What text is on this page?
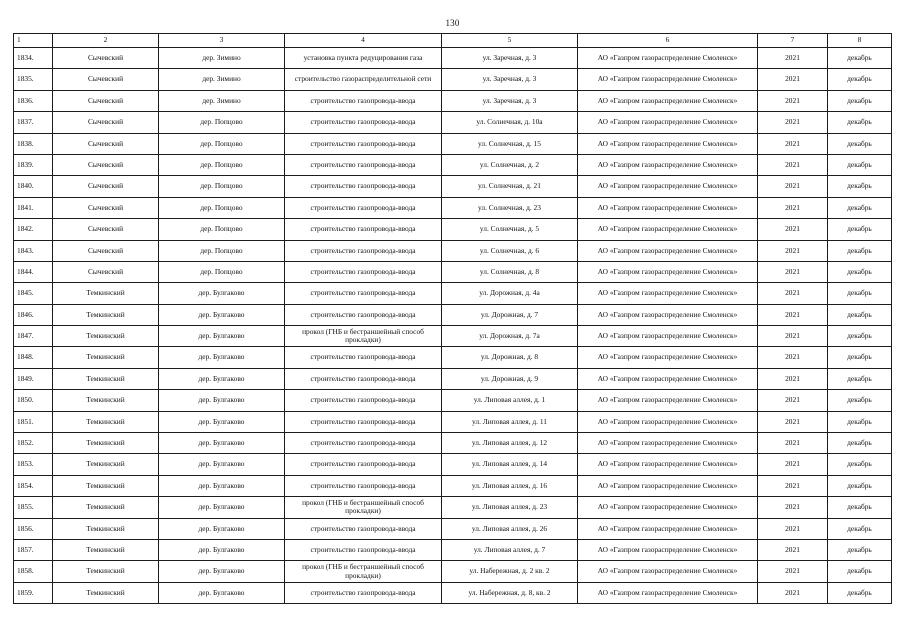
130
1	2	3	4	5	6	7	8
1834.	Сычевский	дер. Зимино	установка пункта редуцирования газа	ул. Заречная, д. 3	АО «Газпром газораспределение Смоленск»	2021	декабрь
1835.	Сычевский	дер. Зимино	строительство газораспределительной сети	ул. Заречная, д. 3	АО «Газпром газораспределение Смоленск»	2021	декабрь
1836.	Сычевский	дер. Зимино	строительство газопровода-ввода	ул. Заречная, д. 3	АО «Газпром газораспределение Смоленск»	2021	декабрь
1837.	Сычевский	дер. Попцово	строительство газопровода-ввода	ул. Солнечная, д. 10а	АО «Газпром газораспределение Смоленск»	2021	декабрь
1838.	Сычевский	дер. Попцово	строительство газопровода-ввода	ул. Солнечная, д. 15	АО «Газпром газораспределение Смоленск»	2021	декабрь
1839.	Сычевский	дер. Попцово	строительство газопровода-ввода	ул. Солнечная, д. 2	АО «Газпром газораспределение Смоленск»	2021	декабрь
1840.	Сычевский	дер. Попцово	строительство газопровода-ввода	ул. Солнечная, д. 21	АО «Газпром газораспределение Смоленск»	2021	декабрь
1841.	Сычевский	дер. Попцово	строительство газопровода-ввода	ул. Солнечная, д. 23	АО «Газпром газораспределение Смоленск»	2021	декабрь
1842.	Сычевский	дер. Попцово	строительство газопровода-ввода	ул. Солнечная, д. 5	АО «Газпром газораспределение Смоленск»	2021	декабрь
1843.	Сычевский	дер. Попцово	строительство газопровода-ввода	ул. Солнечная, д. 6	АО «Газпром газораспределение Смоленск»	2021	декабрь
1844.	Сычевский	дер. Попцово	строительство газопровода-ввода	ул. Солнечная, д. 8	АО «Газпром газораспределение Смоленск»	2021	декабрь
1845.	Темкинский	дер. Булгаково	строительство газопровода-ввода	ул. Дорожная, д. 4а	АО «Газпром газораспределение Смоленск»	2021	декабрь
1846.	Темкинский	дер. Булгаково	строительство газопровода-ввода	ул. Дорожная, д. 7	АО «Газпром газораспределение Смоленск»	2021	декабрь
1847.	Темкинский	дер. Булгаково	прокол (ГНБ и бестраншейный способ прокладки)	ул. Дорожная, д. 7а	АО «Газпром газораспределение Смоленск»	2021	декабрь
1848.	Темкинский	дер. Булгаково	строительство газопровода-ввода	ул. Дорожная, д. 8	АО «Газпром газораспределение Смоленск»	2021	декабрь
1849.	Темкинский	дер. Булгаково	строительство газопровода-ввода	ул. Дорожная, д. 9	АО «Газпром газораспределение Смоленск»	2021	декабрь
1850.	Темкинский	дер. Булгаково	строительство газопровода-ввода	ул. Липовая аллея, д. 1	АО «Газпром газораспределение Смоленск»	2021	декабрь
1851.	Темкинский	дер. Булгаково	строительство газопровода-ввода	ул. Липовая аллея, д. 11	АО «Газпром газораспределение Смоленск»	2021	декабрь
1852.	Темкинский	дер. Булгаково	строительство газопровода-ввода	ул. Липовая аллея, д. 12	АО «Газпром газораспределение Смоленск»	2021	декабрь
1853.	Темкинский	дер. Булгаково	строительство газопровода-ввода	ул. Липовая аллея, д. 14	АО «Газпром газораспределение Смоленск»	2021	декабрь
1854.	Темкинский	дер. Булгаково	строительство газопровода-ввода	ул. Липовая аллея, д. 16	АО «Газпром газораспределение Смоленск»	2021	декабрь
1855.	Темкинский	дер. Булгаково	прокол (ГНБ и бестраншейный способ прокладки)	ул. Липовая аллея, д. 23	АО «Газпром газораспределение Смоленск»	2021	декабрь
1856.	Темкинский	дер. Булгаково	строительство газопровода-ввода	ул. Липовая аллея, д. 26	АО «Газпром газораспределение Смоленск»	2021	декабрь
1857.	Темкинский	дер. Булгаково	строительство газопровода-ввода	ул. Липовая аллея, д. 7	АО «Газпром газораспределение Смоленск»	2021	декабрь
1858.	Темкинский	дер. Булгаково	прокол (ГНБ и бестраншейный способ прокладки)	ул. Набережная, д. 2 кв. 2	АО «Газпром газораспределение Смоленск»	2021	декабрь
1859.	Темкинский	дер. Булгаково	строительство газопровода-ввода	ул. Набережная, д. 8, кв. 2	АО «Газпром газораспределение Смоленск»	2021	декабрь
